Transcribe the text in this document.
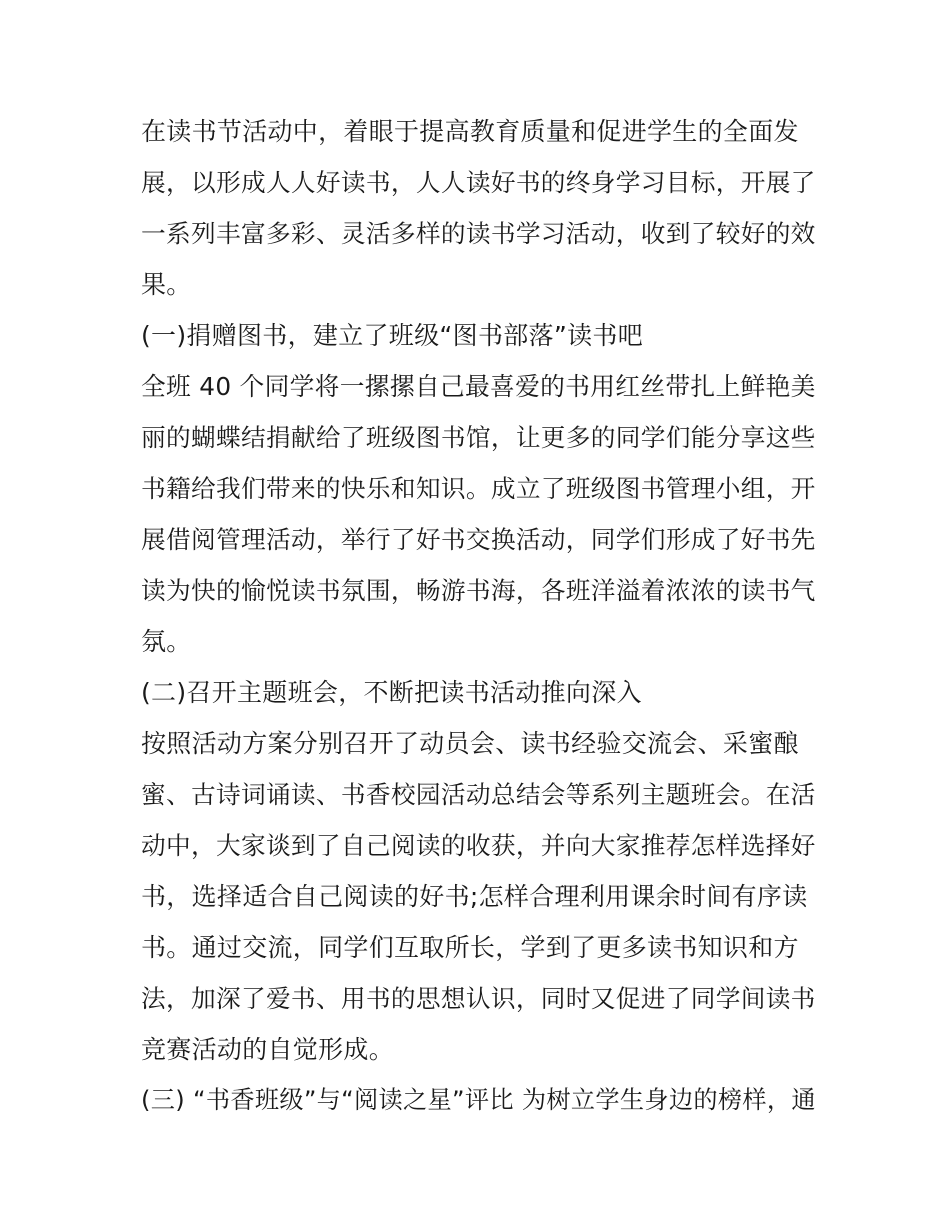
在读书节活动中，着眼于提高教育质量和促进学生的全面发
展，以形成人人好读书，人人读好书的终身学习目标，开展了
一系列丰富多彩、灵活多样的读书学习活动，收到了较好的效
果。
(一)捐赠图书，建立了班级“图书部落”读书吧
全班 40 个同学将一摞摞自己最喜爱的书用红丝带扎上鲜艳美
丽的蝴蝶结捐献给了班级图书馆，让更多的同学们能分享这些
书籍给我们带来的快乐和知识。成立了班级图书管理小组，开
展借阅管理活动，举行了好书交换活动，同学们形成了好书先
读为快的愉悦读书氛围，畅游书海，各班洋溢着浓浓的读书气
氛。
(二)召开主题班会，不断把读书活动推向深入
按照活动方案分别召开了动员会、读书经验交流会、采蜜酿
蜜、古诗词诵读、书香校园活动总结会等系列主题班会。在活
动中，大家谈到了自己阅读的收获，并向大家推荐怎样选择好
书，选择适合自己阅读的好书;怎样合理利用课余时间有序读
书。通过交流，同学们互取所长，学到了更多读书知识和方
法，加深了爱书、用书的思想认识，同时又促进了同学间读书
竞赛活动的自觉形成。
(三) “书香班级”与“阅读之星”评比 为树立学生身边的榜样，通
